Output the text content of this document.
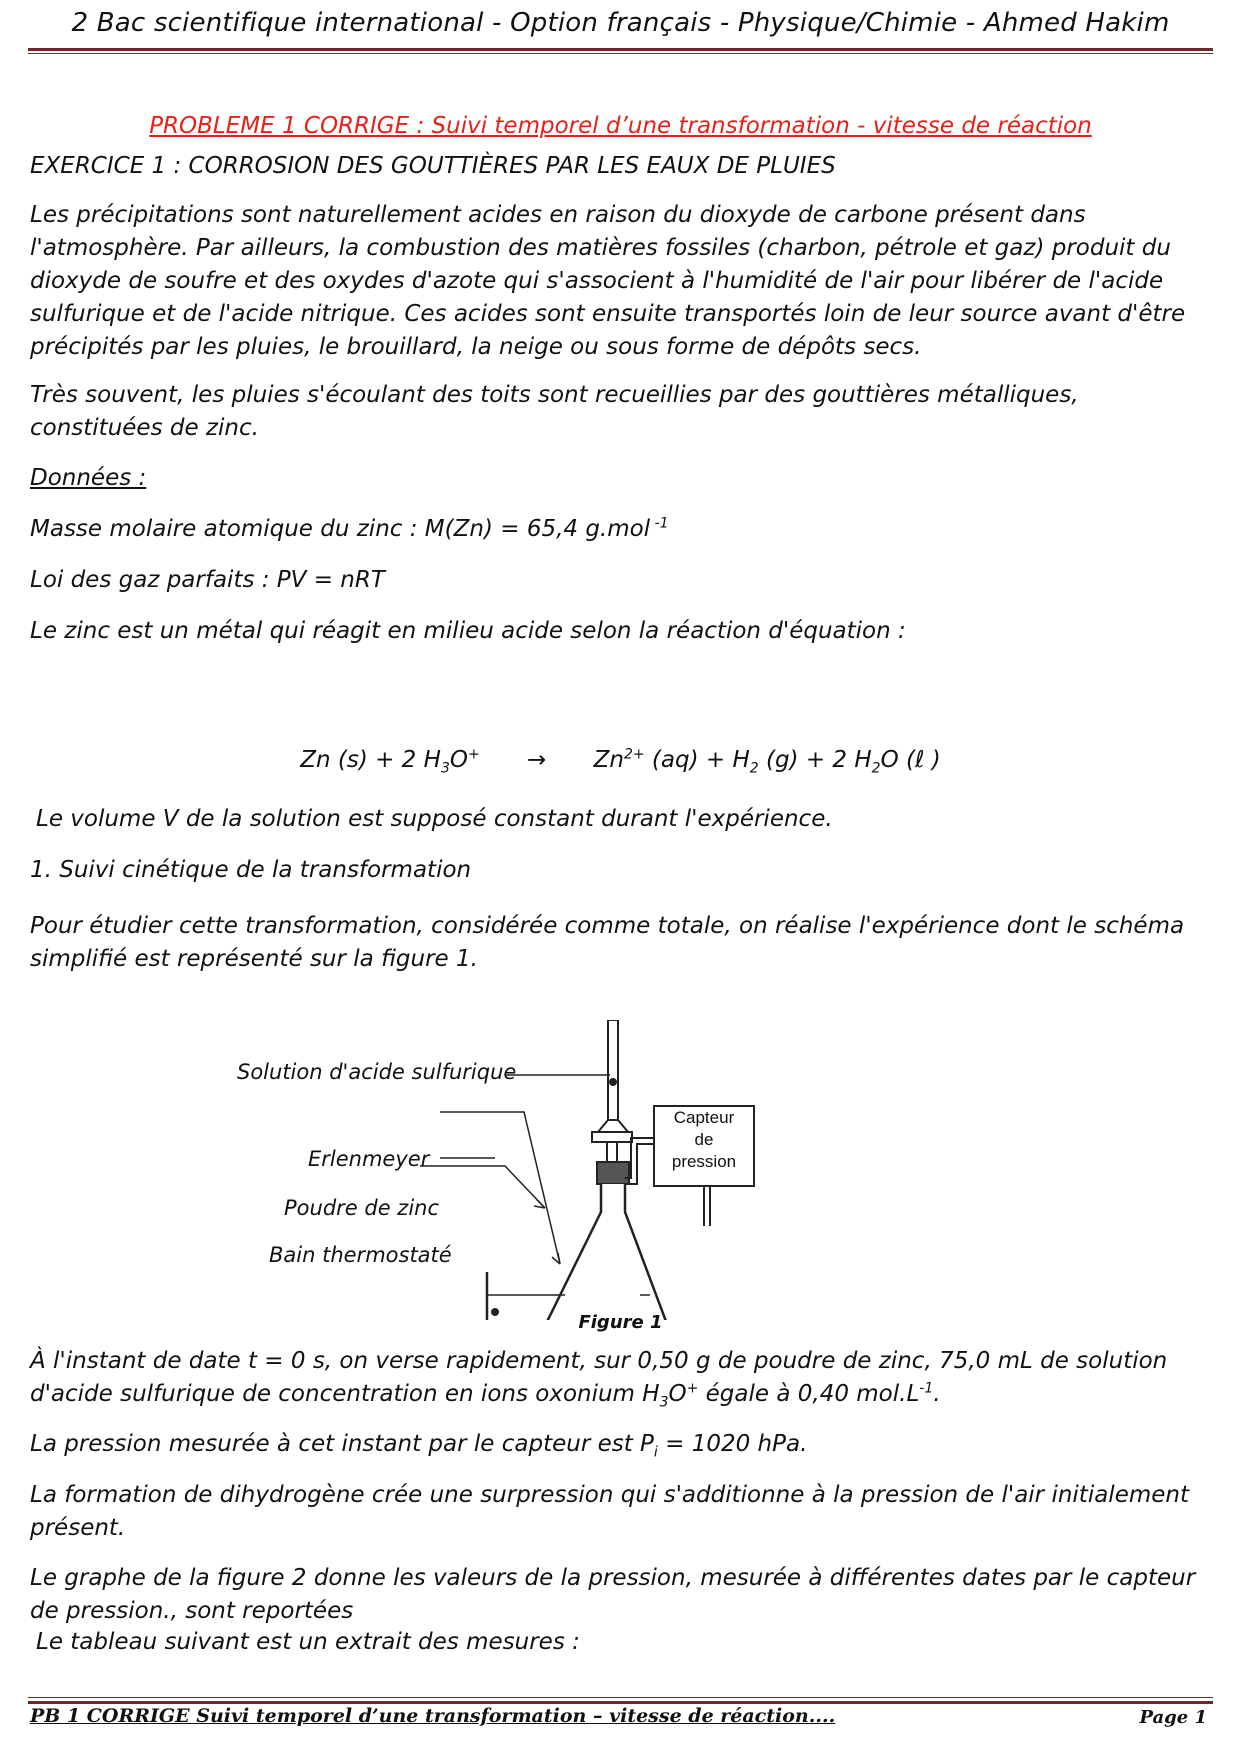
2 Bac scientifique international - Option français - Physique/Chimie - Ahmed Hakim
PROBLEME 1 CORRIGE : Suivi temporel d’une transformation - vitesse de réaction
EXERCICE 1 : CORROSION DES GOUTTIÈRES PAR LES EAUX DE PLUIES
Les précipitations sont naturellement acides en raison du dioxyde de carbone présent dans l'atmosphère. Par ailleurs, la combustion des matières fossiles (charbon, pétrole et gaz) produit du dioxyde de soufre et des oxydes d'azote qui s'associent à l'humidité de l'air pour libérer de l'acide sulfurique et de l'acide nitrique. Ces acides sont ensuite transportés loin de leur source avant d'être précipités par les pluies, le brouillard, la neige ou sous forme de dépôts secs.
Très souvent, les pluies s'écoulant des toits sont recueillies par des gouttières métalliques, constituées de zinc.
Données :
Masse molaire atomique du zinc : M(Zn) = 65,4 g.mol $^{-1}$
Loi des gaz parfaits : PV = nRT
Le zinc est un métal qui réagit en milieu acide selon la réaction d'équation :
Zn (s) + 2 $H_3O^+ \to Zn^{2+}$ $(aq) + H_2$ (g) + 2 $H_2O$ (ℓ )
Le volume V de la solution est supposé constant durant l'expérience.
1. Suivi cinétique de la transformation
Pour étudier cette transformation, considérée comme totale, on réalise l'expérience dont le schéma simplifié est représenté sur la figure 1.
Solution d'acide sulfurique
Erlenmeyer
Poudre de zinc
Bain thermostaté
Capteur
de
pression
Figure 1
À l'instant de date t = 0 s, on verse rapidement, sur 0,50 g de poudre de zinc, 75,0 mL de solution d'acide sulfurique de concentration en ions oxonium $H_3O^+$ égale à 0,40 $mol.L^{-1}$.
La pression mesurée à cet instant par le capteur est $P_i = 1020$ hPa.
La formation de dihydrogène crée une surpression qui s'additionne à la pression de l'air initialement présent.
Le graphe de la figure 2 donne les valeurs de la pression, mesurée à différentes dates par le capteur de pression., sont reportées
Le tableau suivant est un extrait des mesures :
PB 1 CORRIGE Suivi temporel d’une transformation – vitesse de réaction....	Page 1
